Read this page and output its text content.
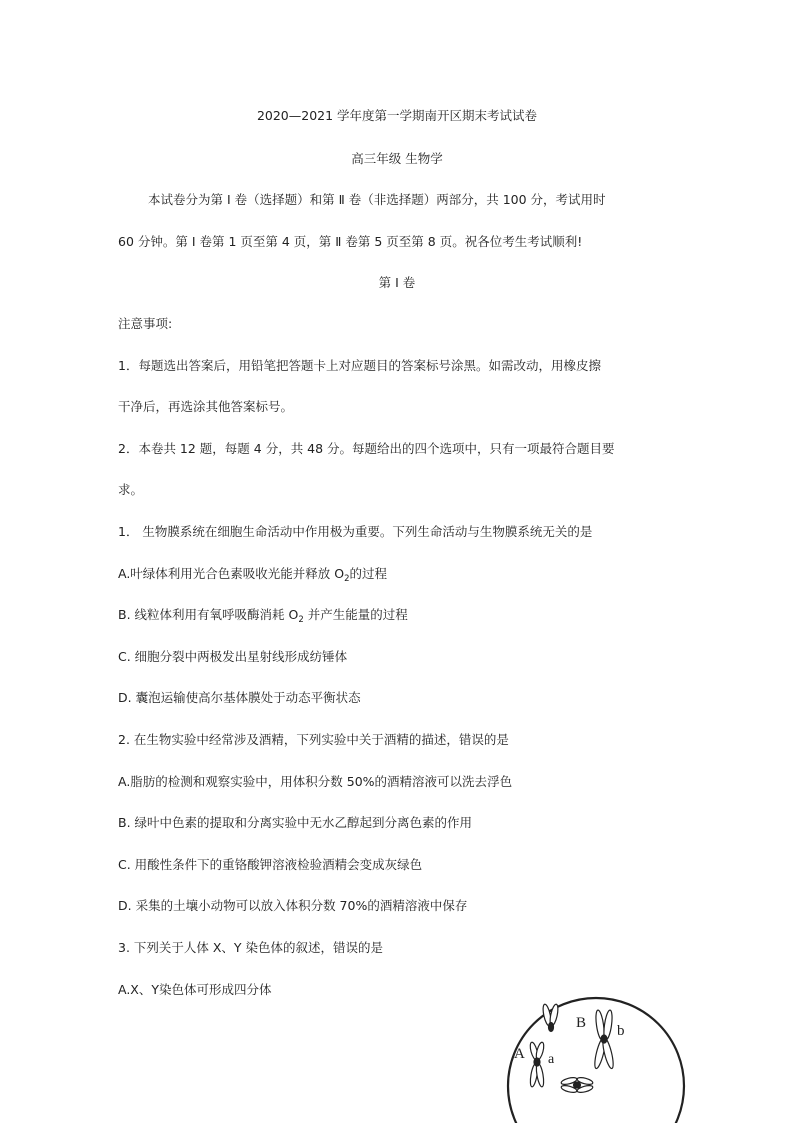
2020—2021 学年度第一学期南开区期末考试试卷
高三年级 生物学
本试卷分为第 Ⅰ 卷（选择题）和第 Ⅱ 卷（非选择题）两部分，共 100 分，考试用时
60 分钟。第 Ⅰ 卷第 1 页至第 4 页，第 Ⅱ 卷第 5 页至第 8 页。祝各位考生考试顺利!
第 Ⅰ 卷
注意事项:
1．每题选出答案后，用铅笔把答题卡上对应题目的答案标号涂黑。如需改动，用橡皮擦
干净后，再选涂其他答案标号。
2．本卷共 12 题，每题 4 分，共 48 分。每题给出的四个选项中，只有一项最符合题目要
求。
1． 生物膜系统在细胞生命活动中作用极为重要。下列生命活动与生物膜系统无关的是
A.叶绿体利用光合色素吸收光能并释放 $O_2$的过程
B. 线粒体利用有氧呼吸酶消耗 $O_2$ 并产生能量的过程
C. 细胞分裂中两极发出星射线形成纺锤体
D. 囊泡运输使高尔基体膜处于动态平衡状态
2. 在生物实验中经常涉及酒精，下列实验中关于酒精的描述，错误的是
A.脂肪的检测和观察实验中，用体积分数 50%的酒精溶液可以洗去浮色
B. 绿叶中色素的提取和分离实验中无水乙醇起到分离色素的作用
C. 用酸性条件下的重铬酸钾溶液检验酒精会变成灰绿色
D. 采集的土壤小动物可以放入体积分数 70%的酒精溶液中保存
3. 下列关于人体 X、Y 染色体的叙述，错误的是
A.X、Y染色体可形成四分体
B b
A a
